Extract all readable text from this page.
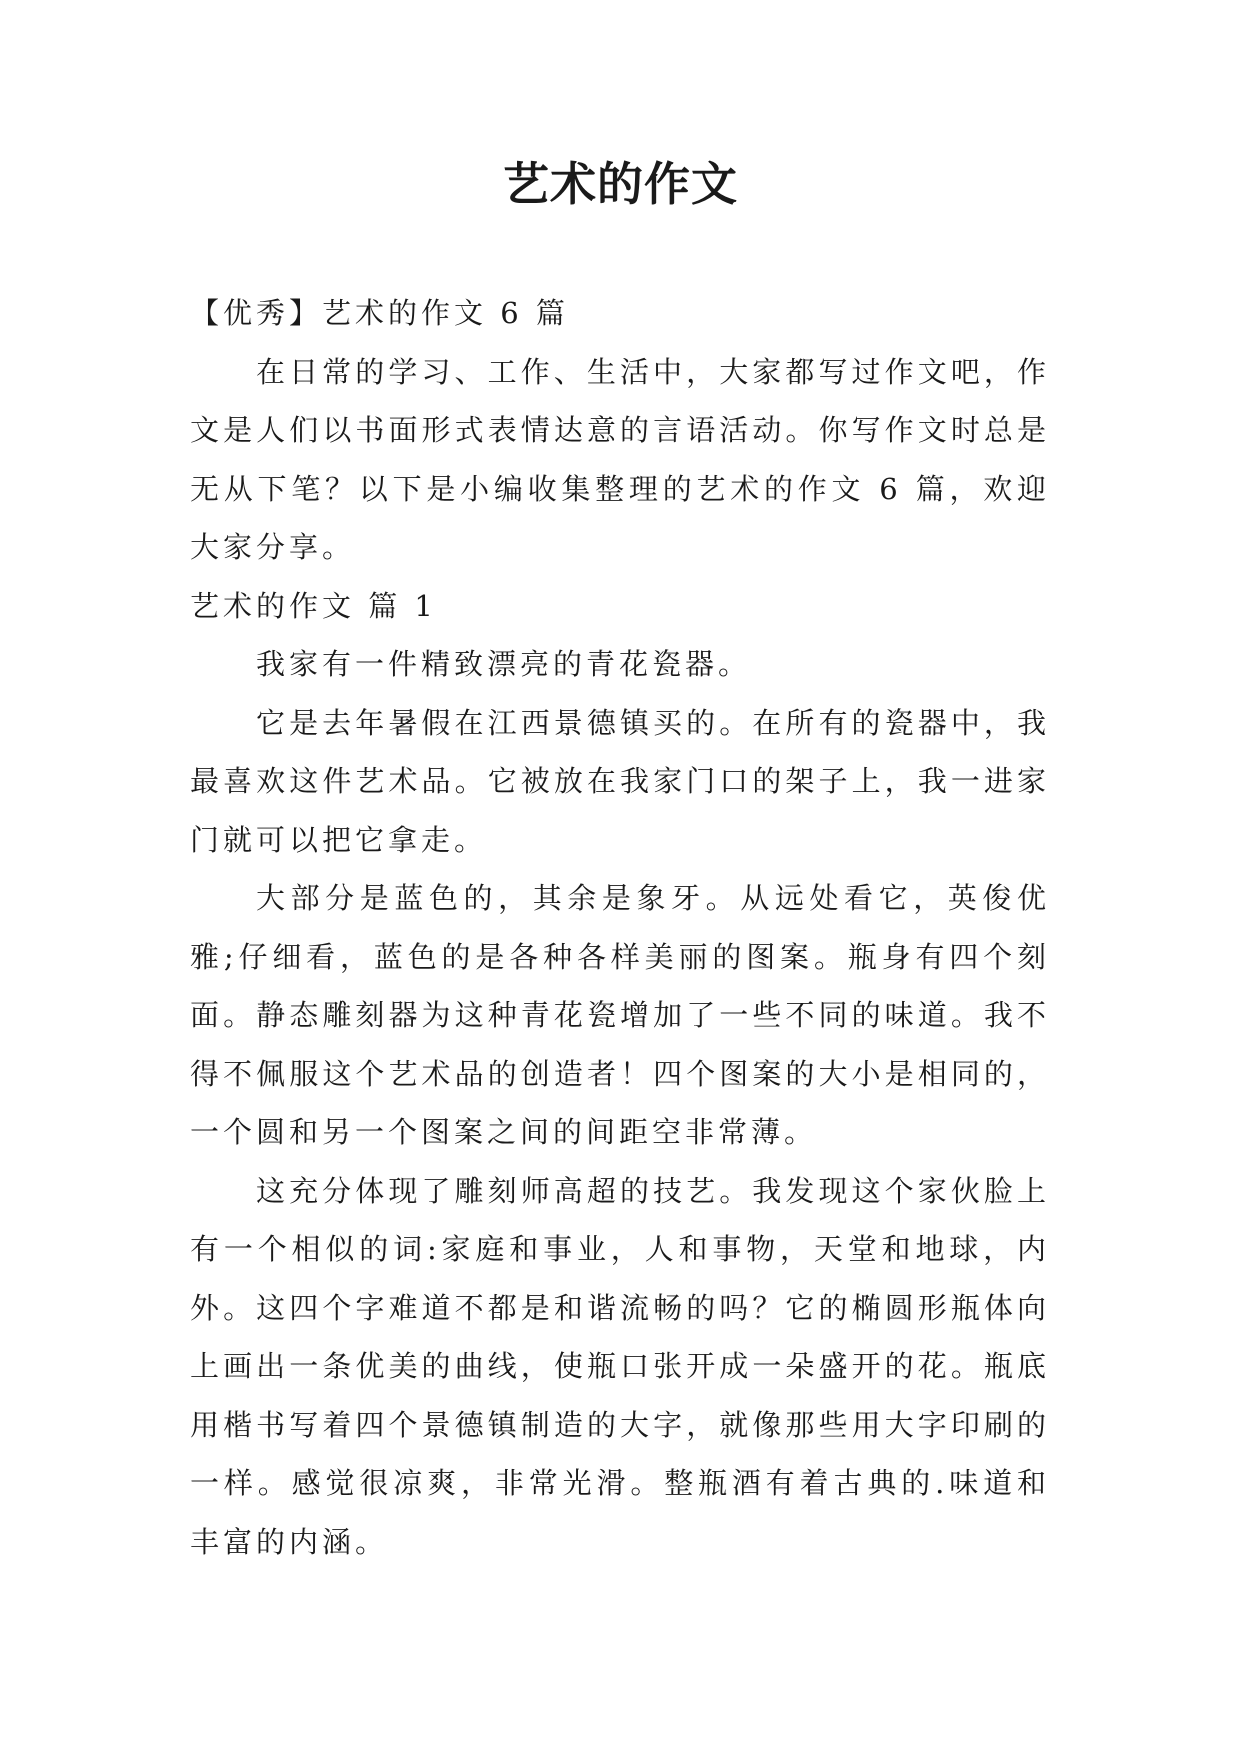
艺术的作文

【优秀】艺术的作文 6 篇

在日常的学习、工作、生活中，大家都写过作文吧，作文是人们以书面形式表情达意的言语活动。你写作文时总是无从下笔？以下是小编收集整理的艺术的作文 6 篇，欢迎大家分享。

艺术的作文 篇 1

我家有一件精致漂亮的青花瓷器。

它是去年暑假在江西景德镇买的。在所有的瓷器中，我最喜欢这件艺术品。它被放在我家门口的架子上，我一进家门就可以把它拿走。

大部分是蓝色的，其余是象牙。从远处看它，英俊优雅;仔细看，蓝色的是各种各样美丽的图案。瓶身有四个刻面。静态雕刻器为这种青花瓷增加了一些不同的味道。我不得不佩服这个艺术品的创造者！四个图案的大小是相同的，一个圆和另一个图案之间的间距空非常薄。

这充分体现了雕刻师高超的技艺。我发现这个家伙脸上有一个相似的词:家庭和事业，人和事物，天堂和地球，内外。这四个字难道不都是和谐流畅的吗？它的椭圆形瓶体向上画出一条优美的曲线，使瓶口张开成一朵盛开的花。瓶底用楷书写着四个景德镇制造的大字，就像那些用大字印刷的一样。感觉很凉爽，非常光滑。整瓶酒有着古典的.味道和丰富的内涵。
